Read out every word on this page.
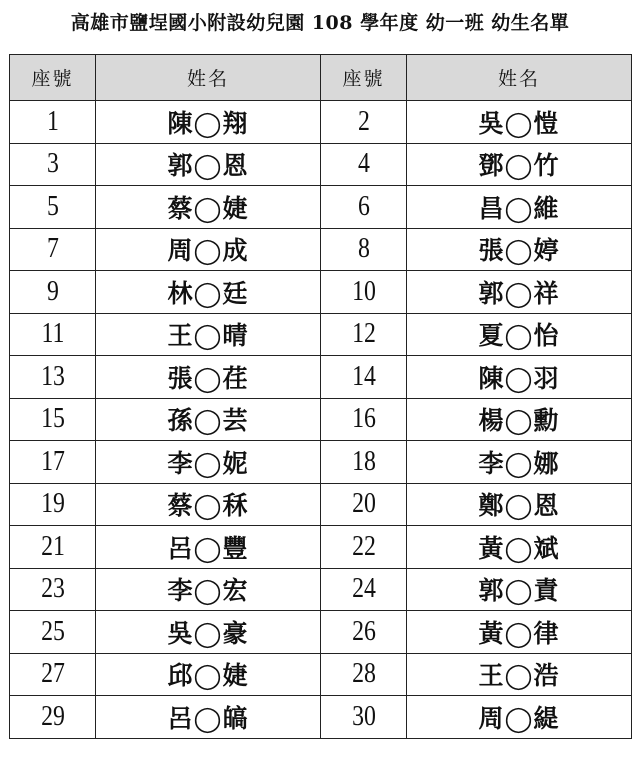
高雄市鹽埕國小附設幼兒園 108 學年度 幼一班 幼生名單
座號	姓名	座號	姓名
1	陳◯翔	2	吳◯愷
3	郭◯恩	4	鄧◯竹
5	蔡◯婕	6	昌◯維
7	周◯成	8	張◯婷
9	林◯廷	10	郭◯祥
11	王◯晴	12	夏◯怡
13	張◯荏	14	陳◯羽
15	孫◯芸	16	楊◯勳
17	李◯妮	18	李◯娜
19	蔡◯秝	20	鄭◯恩
21	呂◯豐	22	黃◯斌
23	李◯宏	24	郭◯責
25	吳◯豪	26	黃◯律
27	邱◯婕	28	王◯浩
29	呂◯皜	30	周◯緹
